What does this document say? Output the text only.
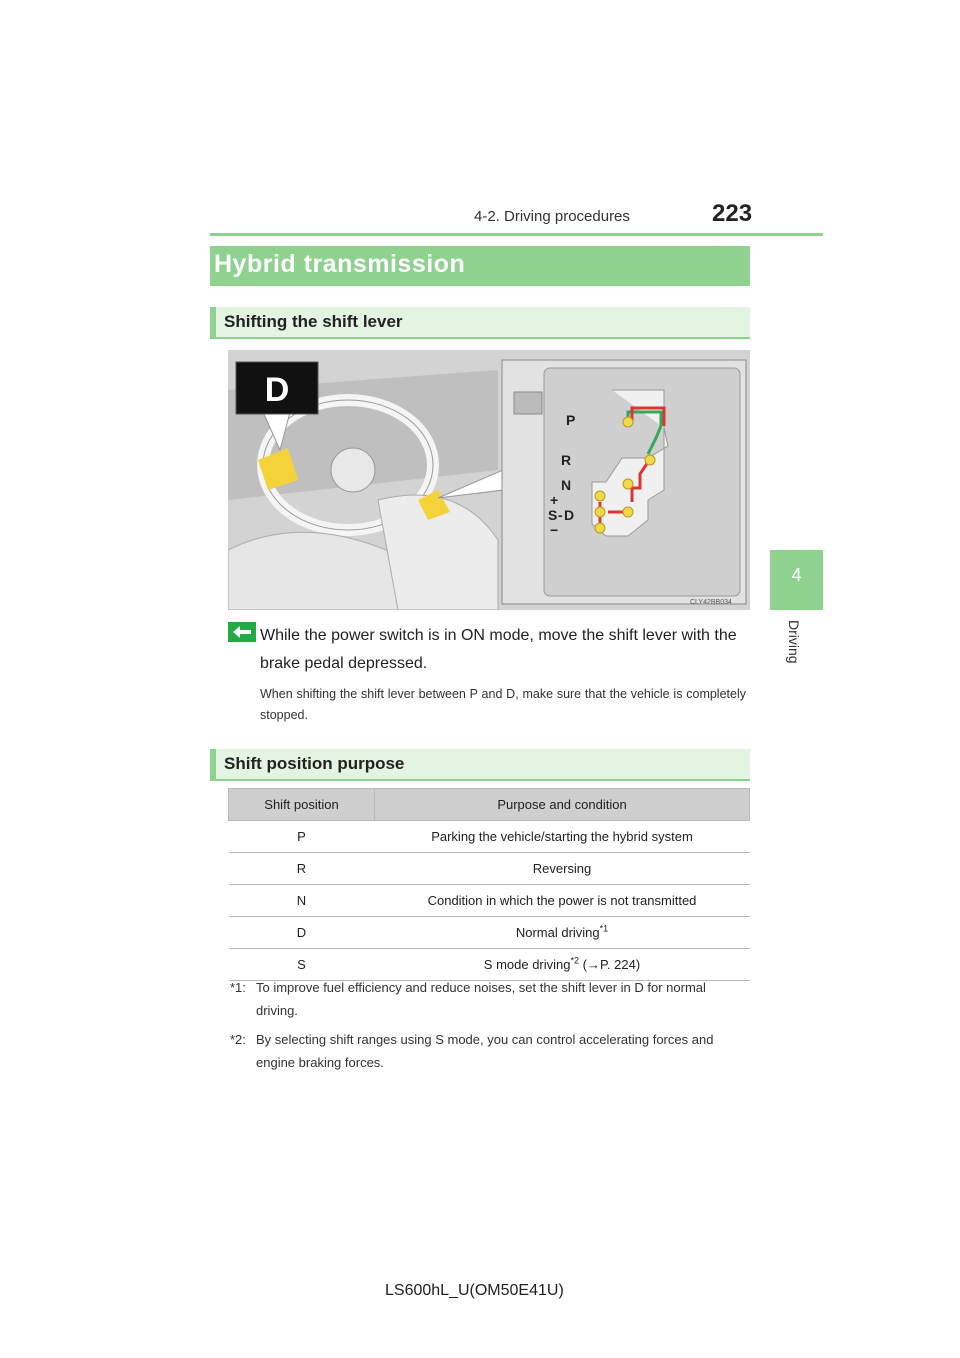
4-2. Driving procedures	223
4
Driving
Hybrid transmission
Shifting the shift lever
D
P
R
N
+
S - D
−
CLY42BB034
While the power switch is in ON mode, move the shift lever with the brake pedal depressed.
When shifting the shift lever between P and D, make sure that the vehicle is completely stopped.
Shift position purpose
Shift position	Purpose and condition
P	Parking the vehicle/starting the hybrid system
R	Reversing
N	Condition in which the power is not transmitted
D	Normal driving$^{*1}$
S	S mode driving$^{*2}$ (→P. 224)
*1: To improve fuel efficiency and reduce noises, set the shift lever in D for normal
driving.
*2: By selecting shift ranges using S mode, you can control accelerating forces and
engine braking forces.
LS600hL_U(OM50E41U)
